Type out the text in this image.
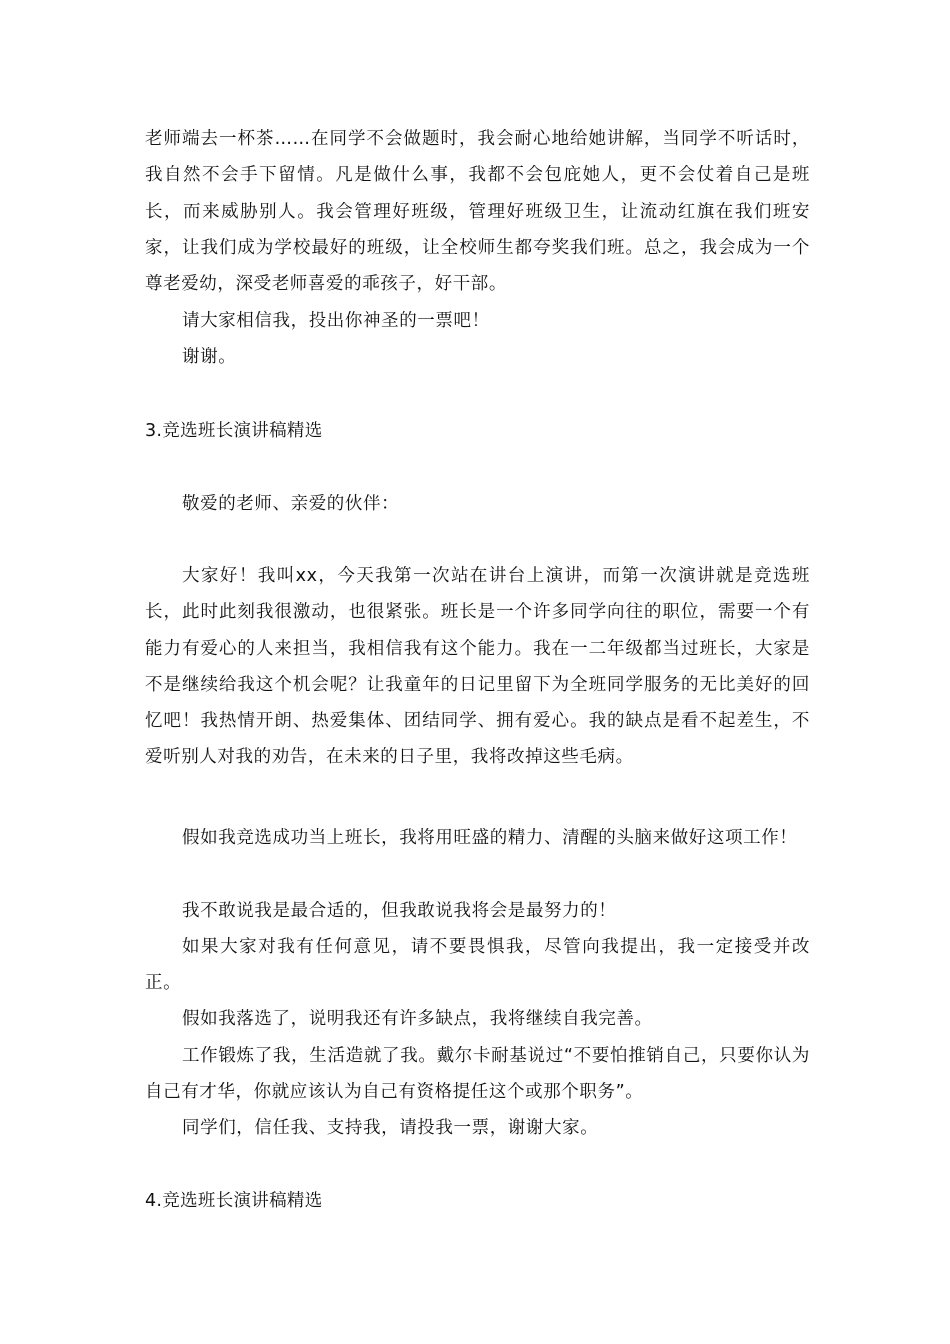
老师端去一杯茶……在同学不会做题时，我会耐心地给她讲解，当同学不听话时，我自然不会手下留情。凡是做什么事，我都不会包庇她人，更不会仗着自己是班长，而来威胁别人。我会管理好班级，管理好班级卫生，让流动红旗在我们班安家，让我们成为学校最好的班级，让全校师生都夸奖我们班。总之，我会成为一个尊老爱幼，深受老师喜爱的乖孩子，好干部。

请大家相信我，投出你神圣的一票吧！

谢谢。

3.竞选班长演讲稿精选

敬爱的老师、亲爱的伙伴：

大家好！我叫xx，今天我第一次站在讲台上演讲，而第一次演讲就是竞选班长，此时此刻我很激动，也很紧张。班长是一个许多同学向往的职位，需要一个有能力有爱心的人来担当，我相信我有这个能力。我在一二年级都当过班长，大家是不是继续给我这个机会呢？让我童年的日记里留下为全班同学服务的无比美好的回忆吧！我热情开朗、热爱集体、团结同学、拥有爱心。我的缺点是看不起差生，不爱听别人对我的劝告，在未来的日子里，我将改掉这些毛病。

假如我竞选成功当上班长，我将用旺盛的精力、清醒的头脑来做好这项工作！

我不敢说我是最合适的，但我敢说我将会是最努力的！

如果大家对我有任何意见，请不要畏惧我，尽管向我提出，我一定接受并改正。

假如我落选了，说明我还有许多缺点，我将继续自我完善。

工作锻炼了我，生活造就了我。戴尔卡耐基说过“不要怕推销自己，只要你认为自己有才华，你就应该认为自己有资格提任这个或那个职务”。

同学们，信任我、支持我，请投我一票，谢谢大家。

4.竞选班长演讲稿精选
